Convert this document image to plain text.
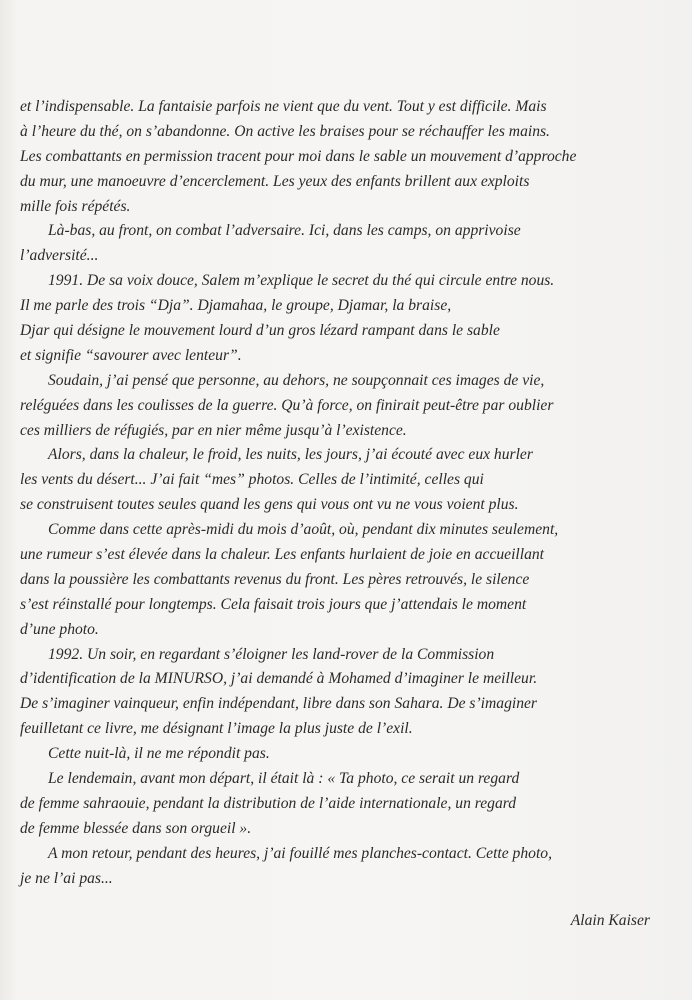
et l’indispensable. La fantaisie parfois ne vient que du vent. Tout y est difficile. Mais
à l’heure du thé, on s’abandonne. On active les braises pour se réchauffer les mains.
Les combattants en permission tracent pour moi dans le sable un mouvement d’approche
du mur, une manoeuvre d’encerclement. Les yeux des enfants brillent aux exploits
mille fois répétés.
Là-bas, au front, on combat l’adversaire. Ici, dans les camps, on apprivoise
l’adversité...
1991. De sa voix douce, Salem m’explique le secret du thé qui circule entre nous.
Il me parle des trois “Dja”. Djamahaa, le groupe, Djamar, la braise,
Djar qui désigne le mouvement lourd d’un gros lézard rampant dans le sable
et signifie “savourer avec lenteur”.
Soudain, j’ai pensé que personne, au dehors, ne soupçonnait ces images de vie,
reléguées dans les coulisses de la guerre. Qu’à force, on finirait peut-être par oublier
ces milliers de réfugiés, par en nier même jusqu’à l’existence.
Alors, dans la chaleur, le froid, les nuits, les jours, j’ai écouté avec eux hurler
les vents du désert... J’ai fait “mes” photos. Celles de l’intimité, celles qui
se construisent toutes seules quand les gens qui vous ont vu ne vous voient plus.
Comme dans cette après-midi du mois d’août, où, pendant dix minutes seulement,
une rumeur s’est élevée dans la chaleur. Les enfants hurlaient de joie en accueillant
dans la poussière les combattants revenus du front. Les pères retrouvés, le silence
s’est réinstallé pour longtemps. Cela faisait trois jours que j’attendais le moment
d’une photo.
1992. Un soir, en regardant s’éloigner les land-rover de la Commission
d’identification de la MINURSO, j’ai demandé à Mohamed d’imaginer le meilleur.
De s’imaginer vainqueur, enfin indépendant, libre dans son Sahara. De s’imaginer
feuilletant ce livre, me désignant l’image la plus juste de l’exil.
Cette nuit-là, il ne me répondit pas.
Le lendemain, avant mon départ, il était là : « Ta photo, ce serait un regard
de femme sahraouie, pendant la distribution de l’aide internationale, un regard
de femme blessée dans son orgueil ».
A mon retour, pendant des heures, j’ai fouillé mes planches-contact. Cette photo,
je ne l’ai pas...
Alain Kaiser
